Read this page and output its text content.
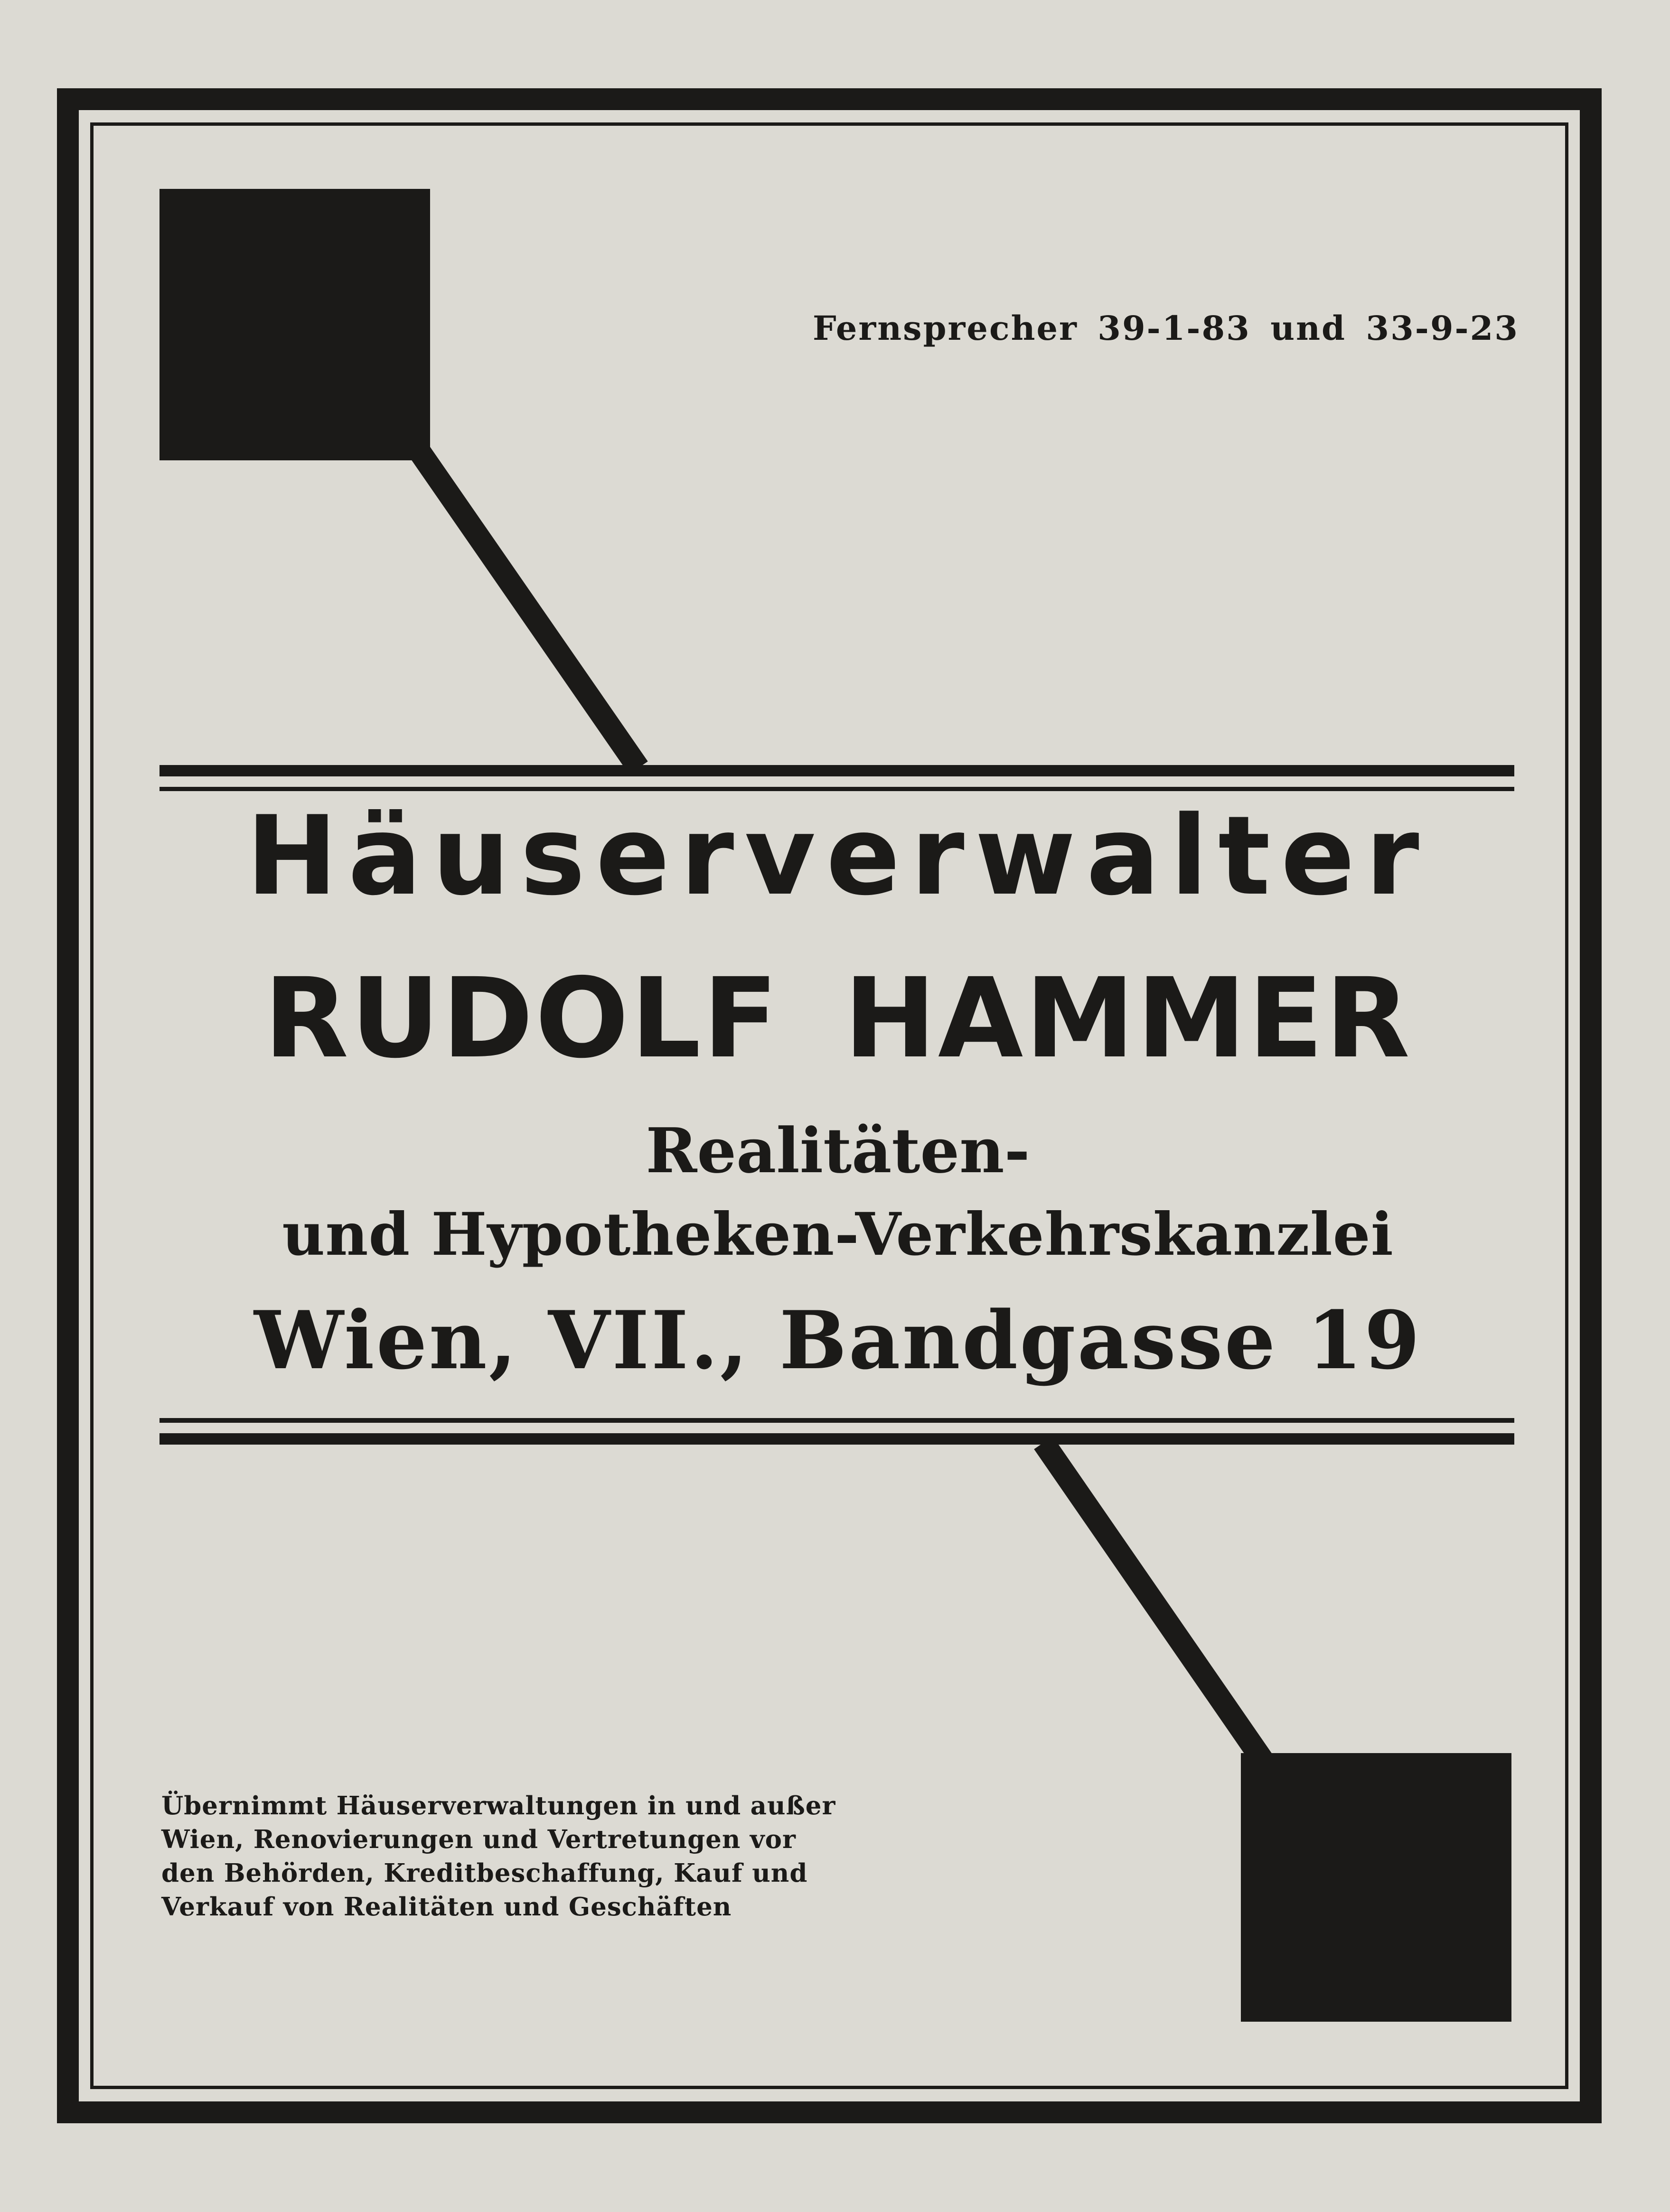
Fernsprecher 39-1-83 und 33-9-23
Häuserverwalter
RUDOLF HAMMER
Realitäten-
und Hypotheken-Verkehrskanzlei
Wien, VII., Bandgasse 19
Übernimmt Häuserverwaltungen in und außer
Wien, Renovierungen und Vertretungen vor
den Behörden, Kreditbeschaffung, Kauf und
Verkauf von Realitäten und Geschäften
